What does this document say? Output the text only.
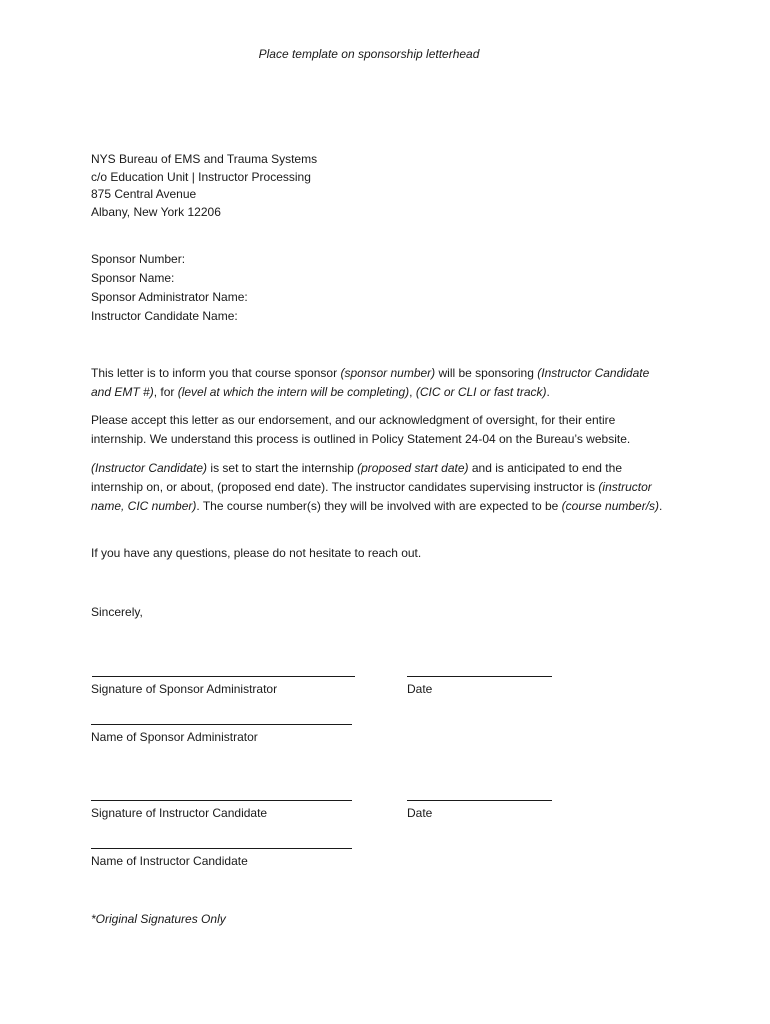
Place template on sponsorship letterhead
NYS Bureau of EMS and Trauma Systems
c/o Education Unit | Instructor Processing
875 Central Avenue
Albany, New York 12206
Sponsor Number:
Sponsor Name:
Sponsor Administrator Name:
Instructor Candidate Name:
This letter is to inform you that course sponsor (sponsor number) will be sponsoring (Instructor Candidate and EMT #), for (level at which the intern will be completing), (CIC or CLI or fast track).
Please accept this letter as our endorsement, and our acknowledgment of oversight, for their entire internship. We understand this process is outlined in Policy Statement 24-04 on the Bureau’s website.
(Instructor Candidate) is set to start the internship (proposed start date) and is anticipated to end the internship on, or about, (proposed end date). The instructor candidates supervising instructor is (instructor name, CIC number). The course number(s) they will be involved with are expected to be (course number/s).
If you have any questions, please do not hesitate to reach out.
Sincerely,
Signature of Sponsor Administrator	Date
Name of Sponsor Administrator
Signature of Instructor Candidate	Date
Name of Instructor Candidate
*Original Signatures Only
